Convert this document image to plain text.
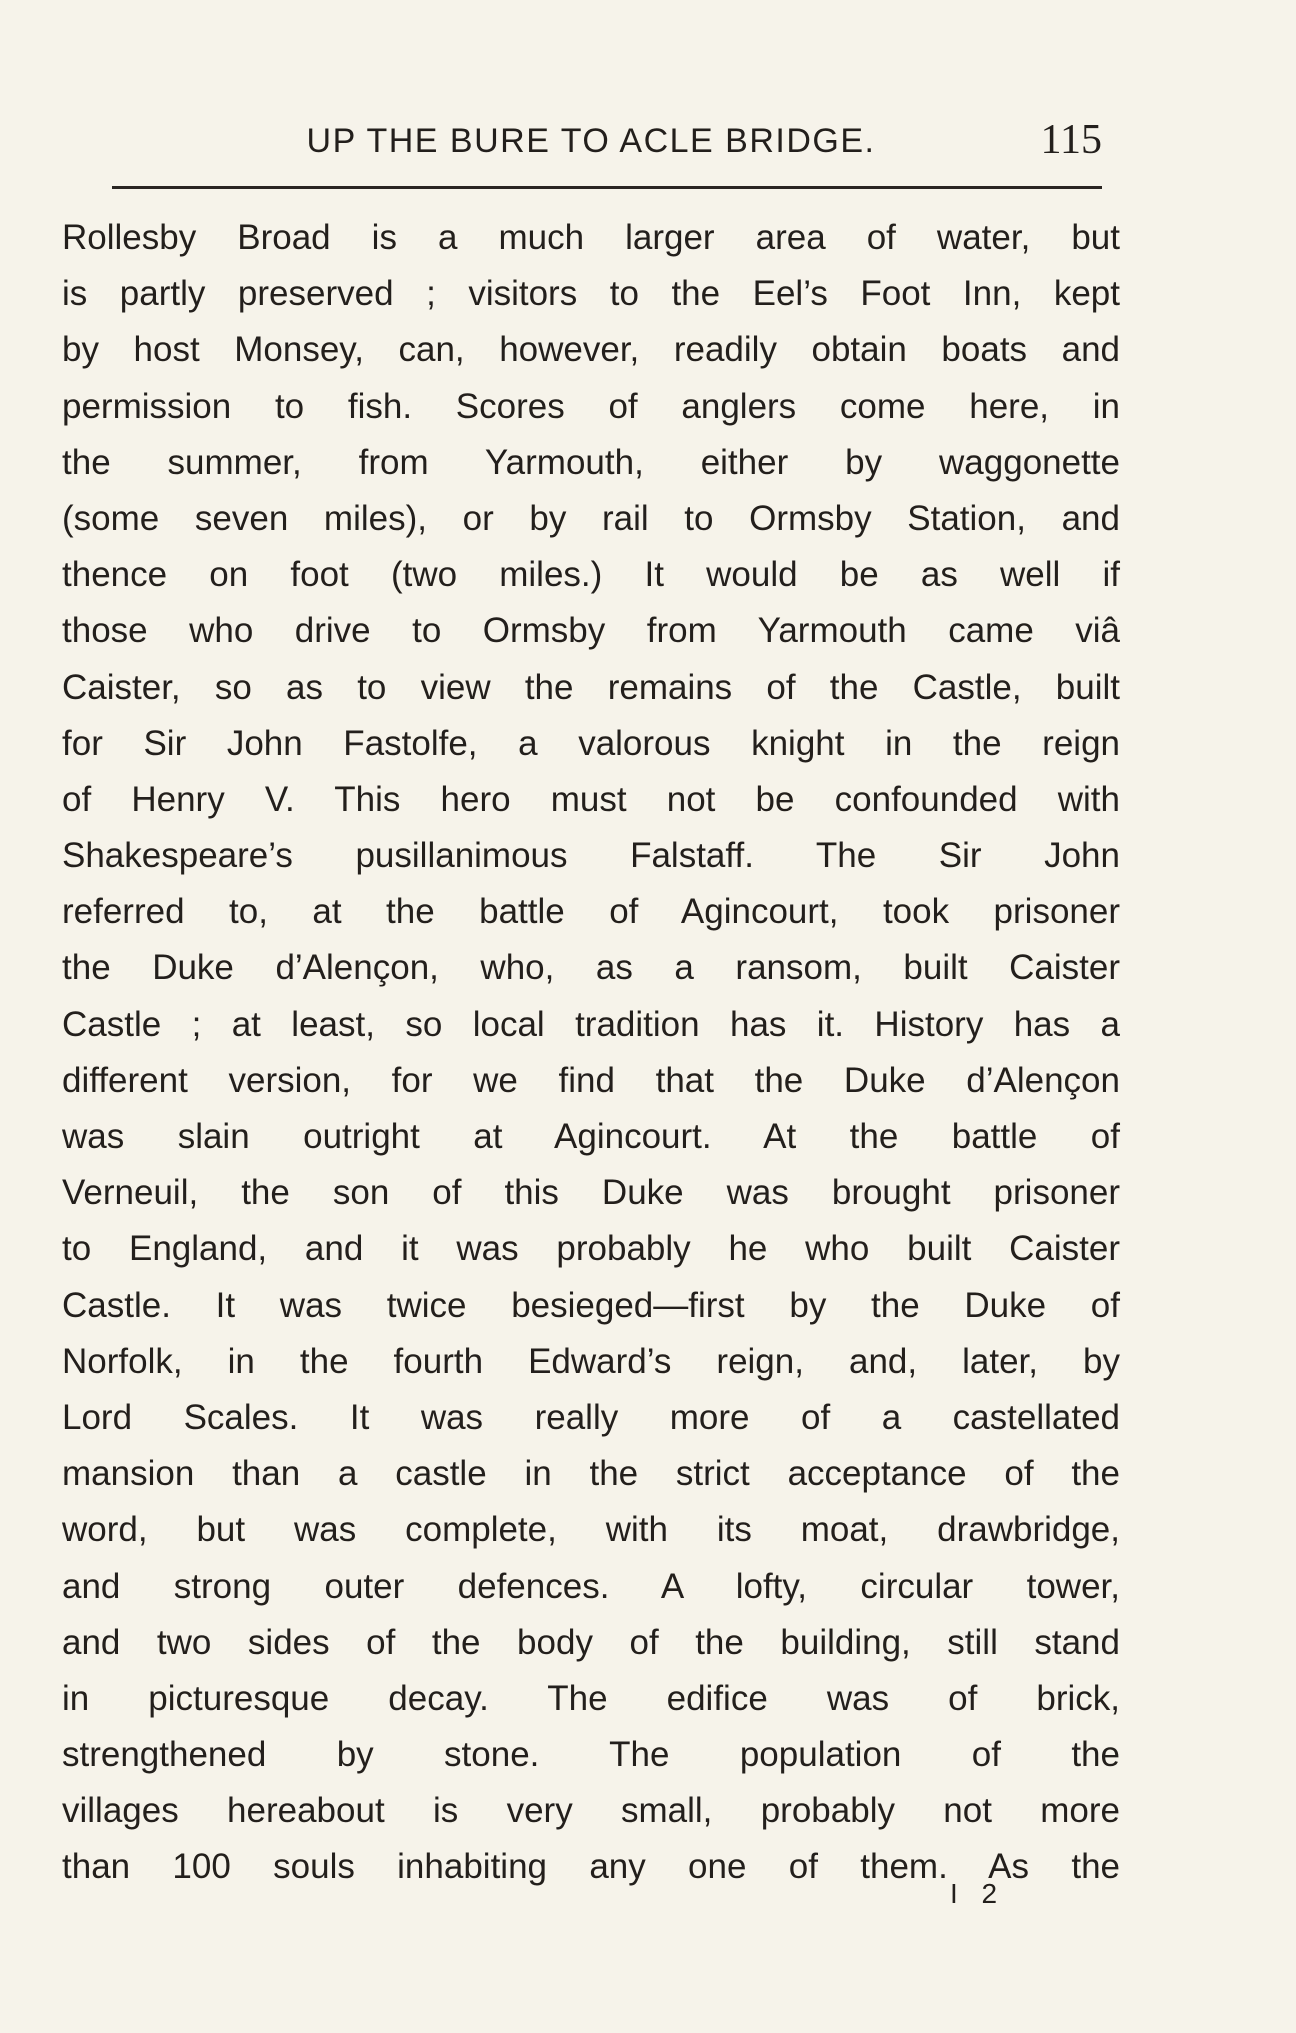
UP THE BURE TO ACLE BRIDGE.	115
Rollesby Broad is a much larger area of water, but
is partly preserved ; visitors to the Eel’s Foot Inn, kept
by host Monsey, can, however, readily obtain boats and
permission to fish. Scores of anglers come here, in
the summer, from Yarmouth, either by waggonette
(some seven miles), or by rail to Ormsby Station, and
thence on foot (two miles.) It would be as well if
those who drive to Ormsby from Yarmouth came viâ
Caister, so as to view the remains of the Castle, built
for Sir John Fastolfe, a valorous knight in the reign
of Henry V. This hero must not be confounded with
Shakespeare’s pusillanimous Falstaff. The Sir John
referred to, at the battle of Agincourt, took prisoner
the Duke d’Alençon, who, as a ransom, built Caister
Castle ; at least, so local tradition has it. History has a
different version, for we find that the Duke d’Alençon
was slain outright at Agincourt. At the battle of
Verneuil, the son of this Duke was brought prisoner
to England, and it was probably he who built Caister
Castle. It was twice besieged—first by the Duke of
Norfolk, in the fourth Edward’s reign, and, later, by
Lord Scales. It was really more of a castellated
mansion than a castle in the strict acceptance of the
word, but was complete, with its moat, drawbridge,
and strong outer defences. A lofty, circular tower,
and two sides of the body of the building, still stand
in picturesque decay. The edifice was of brick,
strengthened by stone. The population of the
villages hereabout is very small, probably not more
than 100 souls inhabiting any one of them. As the
I 2
